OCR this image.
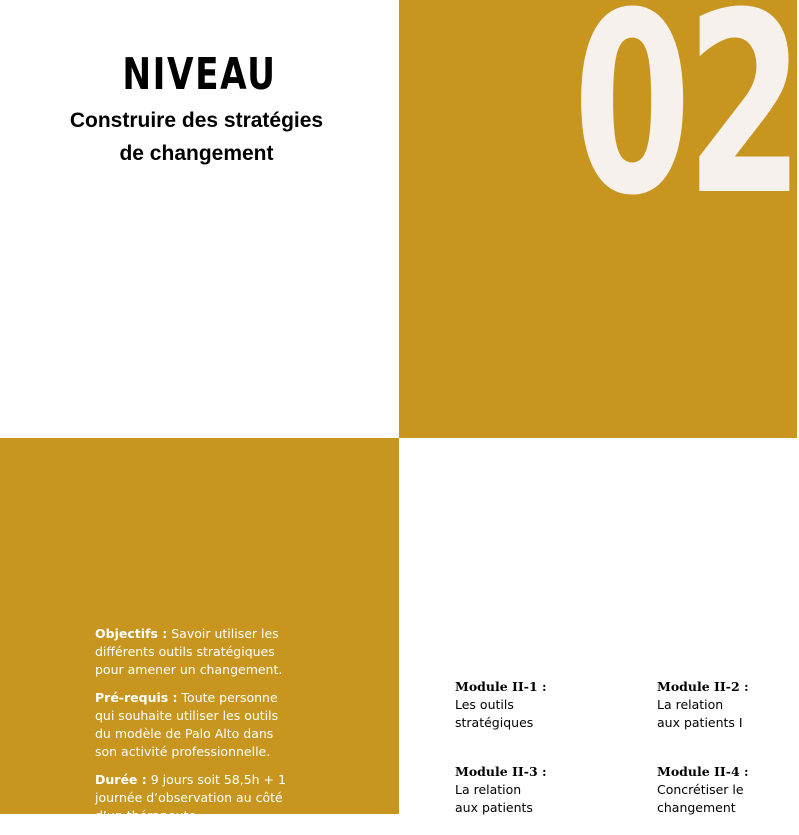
NIVEAU
Construire des stratégies
de changement	02

Objectifs : Savoir utiliser les différents outils stratégiques pour amener un changement.

Pré-requis : Toute personne qui souhaite utiliser les outils du modèle de Palo Alto dans son activité professionnelle.

Durée : 9 jours soit 58,5h + 1 journée d’observation au côté d’un thérapeute

Module II-1 :
Les outils
stratégiques
Module II-2 :
La relation
aux patients I
Module II-3 :
La relation
aux patients
Module II-4 :
Concrétiser le
changement
